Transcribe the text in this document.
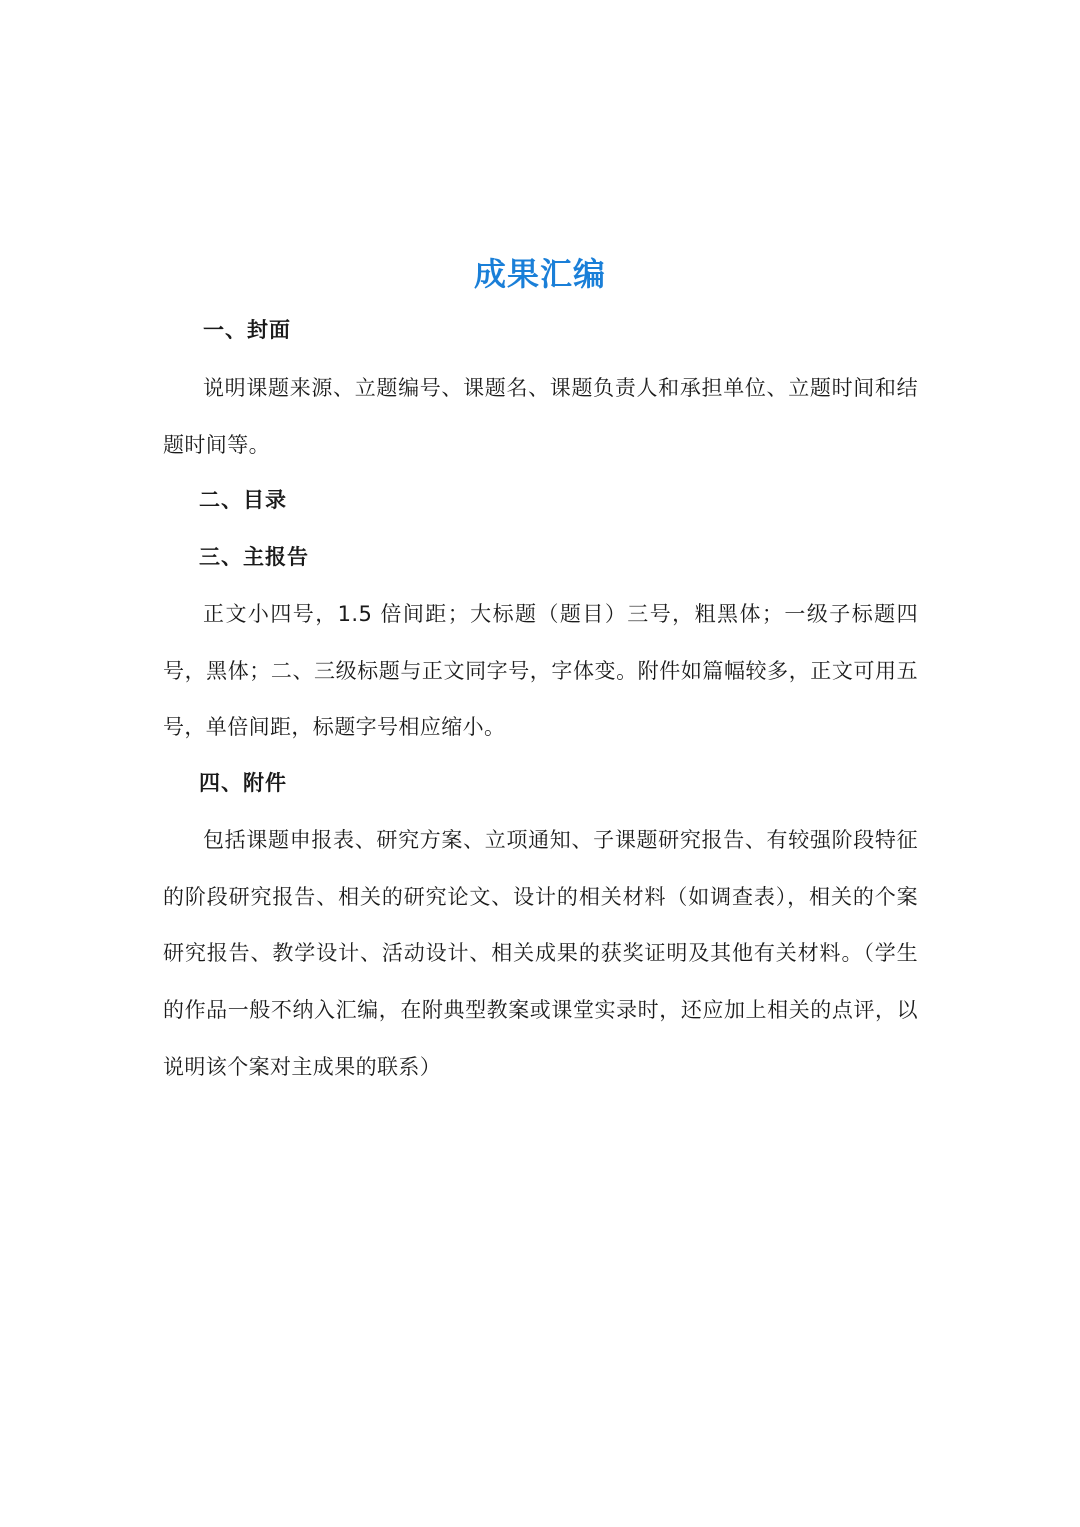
成果汇编
一、封面
说明课题来源、立题编号、课题名、课题负责人和承担单位、立题时间和结题时间等。
二、目录
三、主报告
正文小四号，1.5 倍间距；大标题（题目）三号，粗黑体；一级子标题四号，黑体；二、三级标题与正文同字号，字体变。附件如篇幅较多，正文可用五号，单倍间距，标题字号相应缩小。
四、附件
包括课题申报表、研究方案、立项通知、子课题研究报告、有较强阶段特征的阶段研究报告、相关的研究论文、设计的相关材料（如调查表），相关的个案研究报告、教学设计、活动设计、相关成果的获奖证明及其他有关材料。（学生的作品一般不纳入汇编，在附典型教案或课堂实录时，还应加上相关的点评，以说明该个案对主成果的联系）
